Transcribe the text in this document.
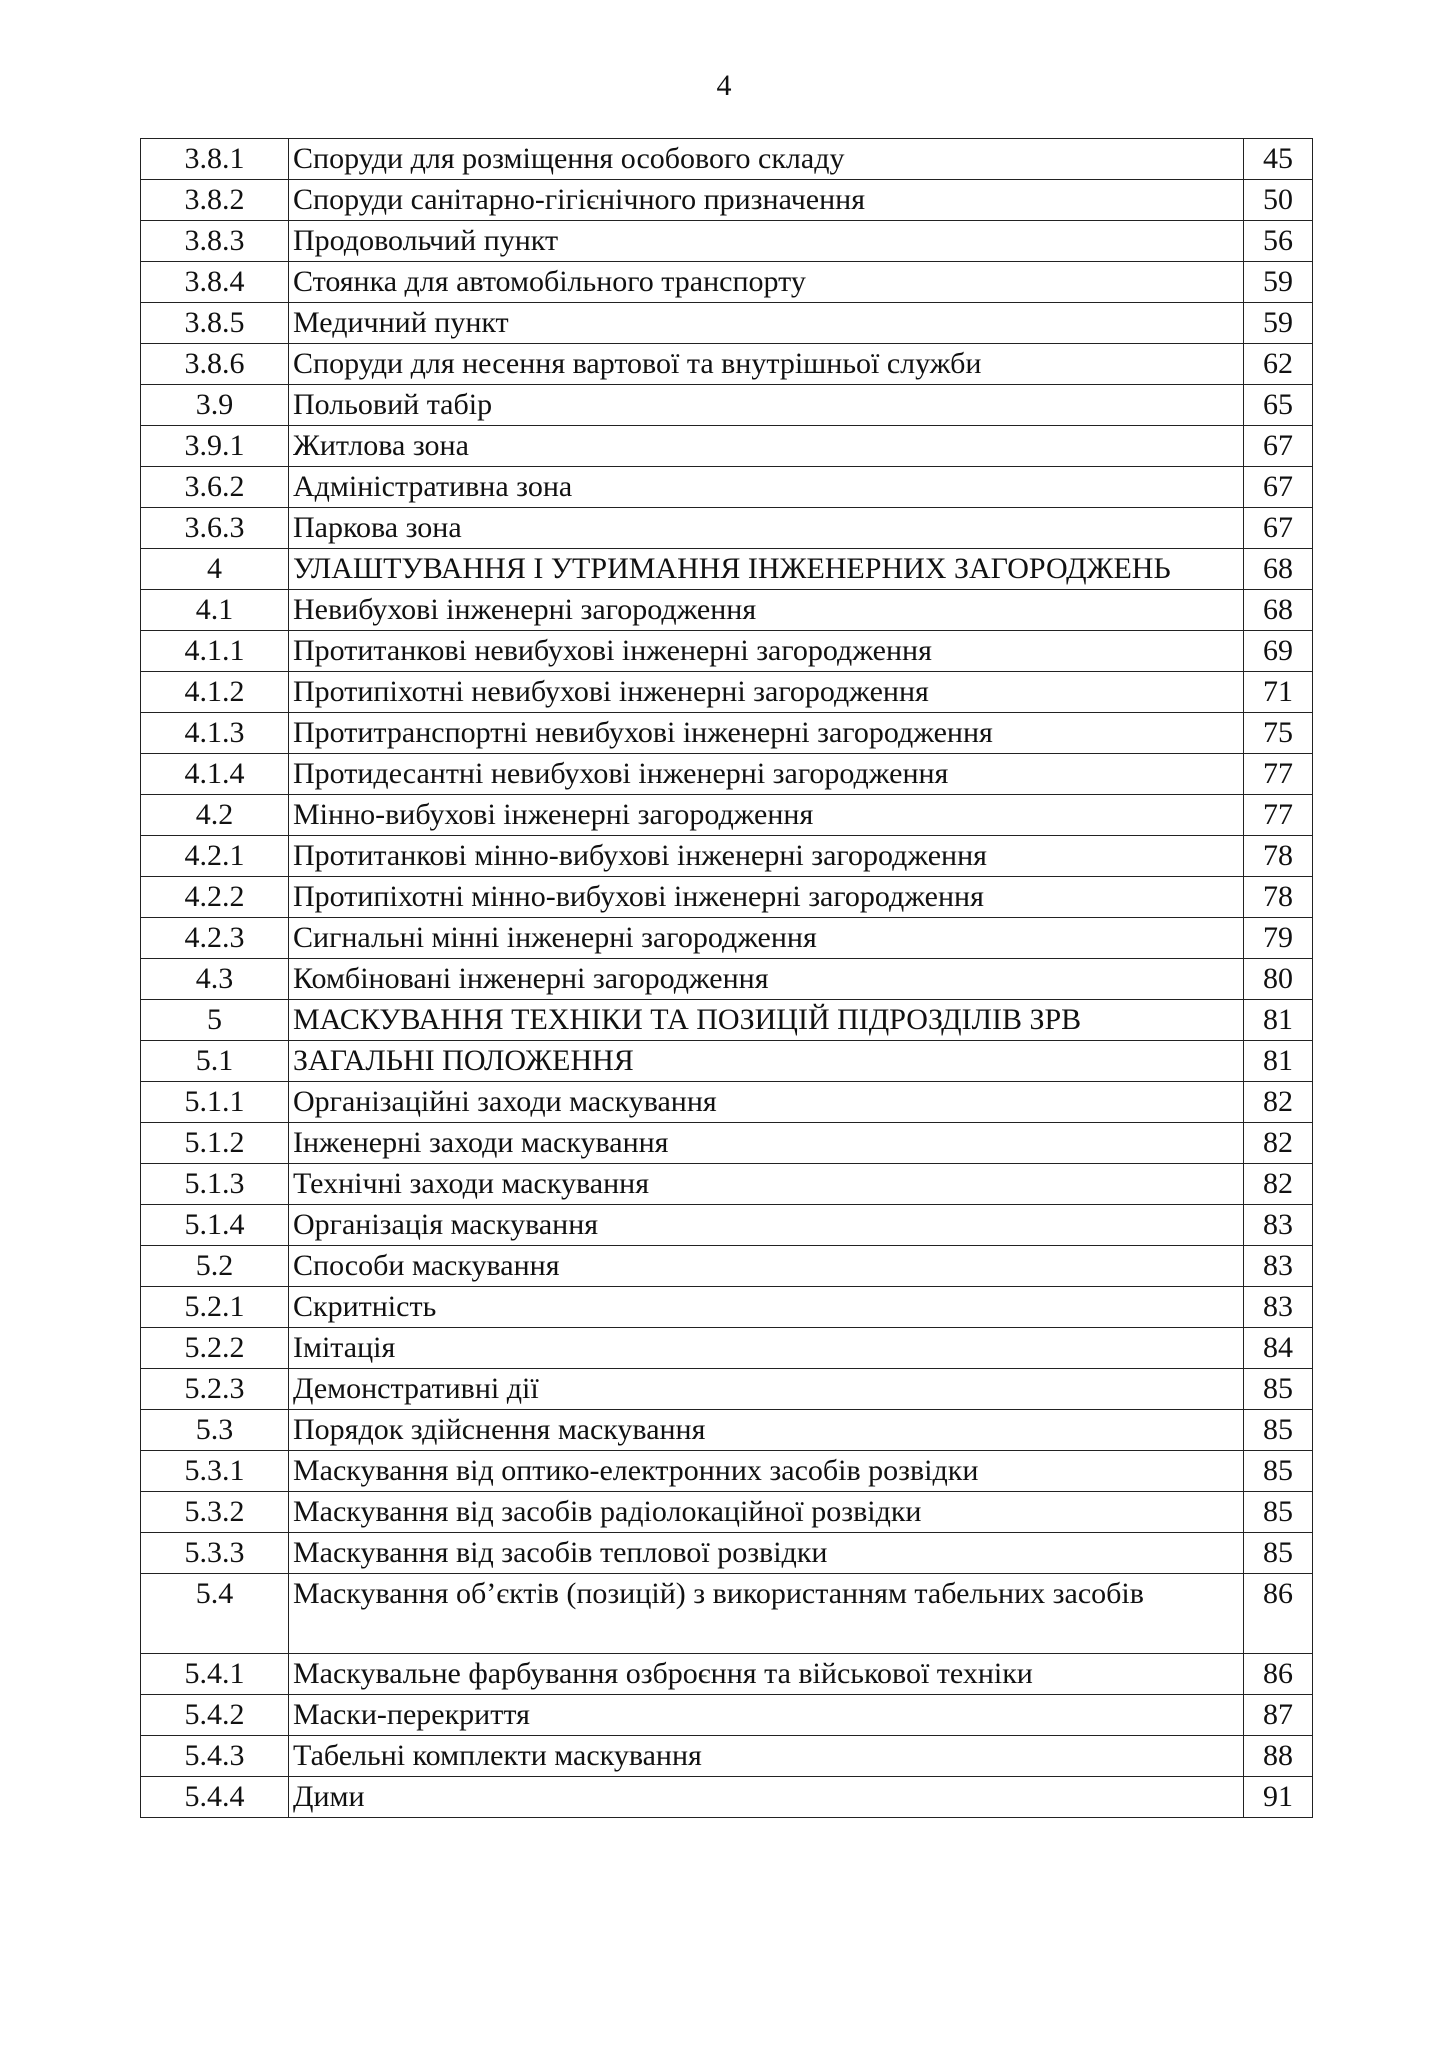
4
3.8.1	Споруди для розміщення особового складу	45
3.8.2	Споруди санітарно-гігієнічного призначення	50
3.8.3	Продовольчий пункт	56
3.8.4	Стоянка для автомобільного транспорту	59
3.8.5	Медичний пункт	59
3.8.6	Споруди для несення вартової та внутрішньої служби	62
3.9	Польовий табір	65
3.9.1	Житлова зона	67
3.6.2	Адміністративна зона	67
3.6.3	Паркова зона	67
4	УЛАШТУВАННЯ І УТРИМАННЯ ІНЖЕНЕРНИХ ЗАГОРОДЖЕНЬ	68
4.1	Невибухові інженерні загородження	68
4.1.1	Протитанкові невибухові інженерні загородження	69
4.1.2	Протипіхотні невибухові інженерні загородження	71
4.1.3	Протитранспортні невибухові інженерні загородження	75
4.1.4	Протидесантні невибухові інженерні загородження	77
4.2	Мінно-вибухові інженерні загородження	77
4.2.1	Протитанкові мінно-вибухові інженерні загородження	78
4.2.2	Протипіхотні мінно-вибухові інженерні загородження	78
4.2.3	Сигнальні мінні інженерні загородження	79
4.3	Комбіновані інженерні загородження	80
5	МАСКУВАННЯ ТЕХНІКИ ТА ПОЗИЦІЙ ПІДРОЗДІЛІВ ЗРВ	81
5.1	ЗАГАЛЬНІ ПОЛОЖЕННЯ	81
5.1.1	Організаційні заходи маскування	82
5.1.2	Інженерні заходи маскування	82
5.1.3	Технічні заходи маскування	82
5.1.4	Організація маскування	83
5.2	Способи маскування	83
5.2.1	Скритність	83
5.2.2	Імітація	84
5.2.3	Демонстративні дії	85
5.3	Порядок здійснення маскування	85
5.3.1	Маскування від оптико-електронних засобів розвідки	85
5.3.2	Маскування від засобів радіолокаційної розвідки	85
5.3.3	Маскування від засобів теплової розвідки	85
5.4	Маскування об’єктів (позицій) з використанням табельних засобів	86
5.4.1	Маскувальне фарбування озброєння та військової техніки	86
5.4.2	Маски-перекриття	87
5.4.3	Табельні комплекти маскування	88
5.4.4	Дими	91
